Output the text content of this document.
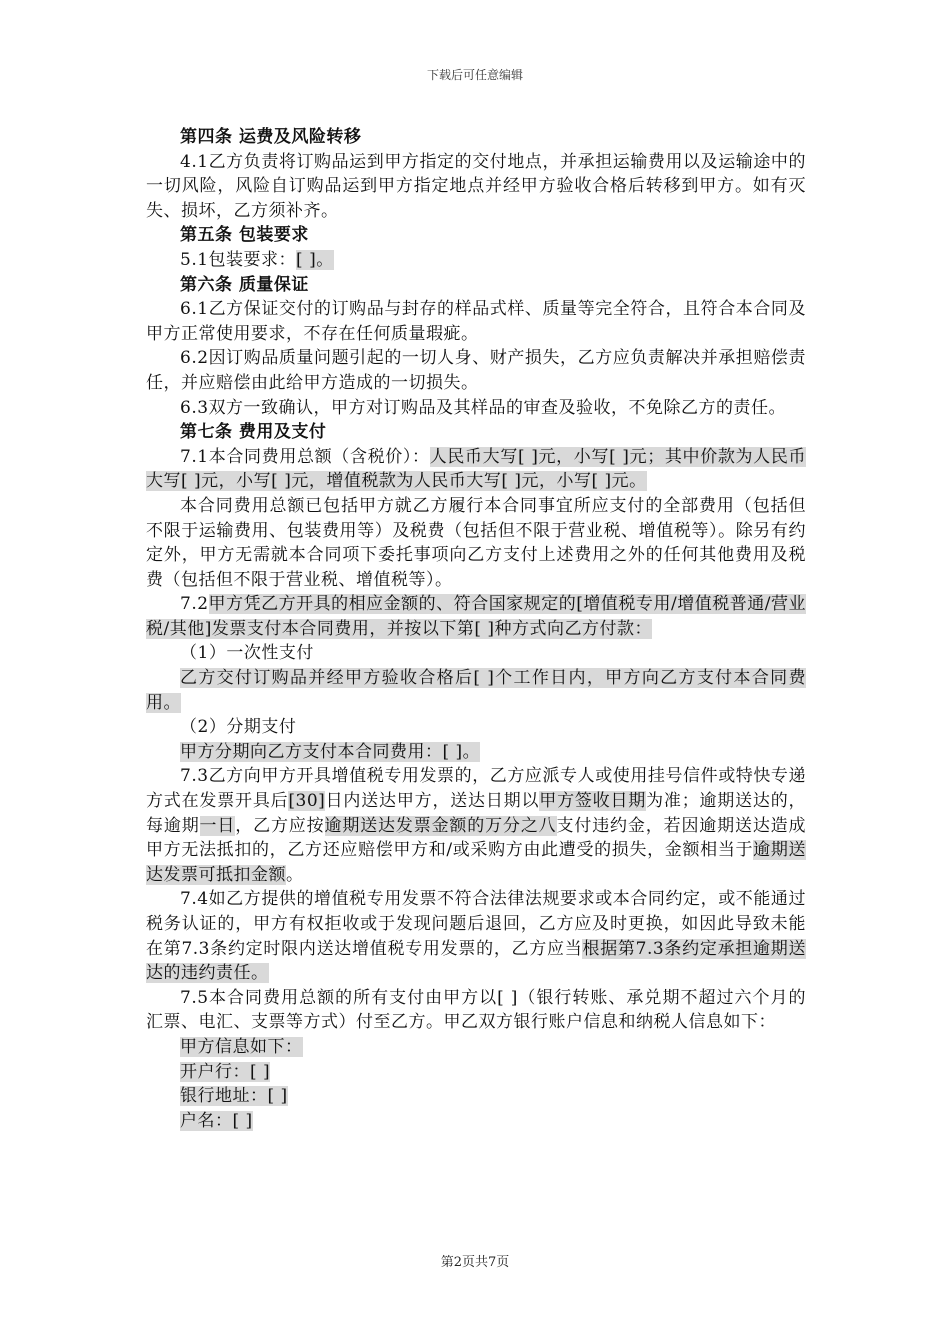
下载后可任意编辑

第四条 运费及风险转移

4.1乙方负责将订购品运到甲方指定的交付地点，并承担运输费用以及运输途中的一切风险，风险自订购品运到甲方指定地点并经甲方验收合格后转移到甲方。如有灭失、损坏，乙方须补齐。

第五条 包装要求

5.1包装要求：[ ]。

第六条 质量保证

6.1乙方保证交付的订购品与封存的样品式样、质量等完全符合，且符合本合同及甲方正常使用要求，不存在任何质量瑕疵。

6.2因订购品质量问题引起的一切人身、财产损失，乙方应负责解决并承担赔偿责任，并应赔偿由此给甲方造成的一切损失。

6.3双方一致确认，甲方对订购品及其样品的审查及验收，不免除乙方的责任。

第七条 费用及支付

7.1本合同费用总额（含税价）：人民币大写[ ]元，小写[ ]元；其中价款为人民币大写[ ]元，小写[ ]元，增值税款为人民币大写[ ]元，小写[ ]元。

本合同费用总额已包括甲方就乙方履行本合同事宜所应支付的全部费用（包括但不限于运输费用、包装费用等）及税费（包括但不限于营业税、增值税等）。除另有约定外，甲方无需就本合同项下委托事项向乙方支付上述费用之外的任何其他费用及税费（包括但不限于营业税、增值税等）。

7.2甲方凭乙方开具的相应金额的、符合国家规定的[增值税专用/增值税普通/营业税/其他]发票支付本合同费用，并按以下第[ ]种方式向乙方付款：

（1）一次性支付

乙方交付订购品并经甲方验收合格后[ ]个工作日内，甲方向乙方支付本合同费用。

（2）分期支付

甲方分期向乙方支付本合同费用：[ ]。

7.3乙方向甲方开具增值税专用发票的，乙方应派专人或使用挂号信件或特快专递方式在发票开具后[30]日内送达甲方，送达日期以甲方签收日期为准；逾期送达的，每逾期一日，乙方应按逾期送达发票金额的万分之八支付违约金，若因逾期送达造成甲方无法抵扣的，乙方还应赔偿甲方和/或采购方由此遭受的损失，金额相当于逾期送达发票可抵扣金额。

7.4如乙方提供的增值税专用发票不符合法律法规要求或本合同约定，或不能通过税务认证的，甲方有权拒收或于发现问题后退回，乙方应及时更换，如因此导致未能在第7.3条约定时限内送达增值税专用发票的，乙方应当根据第7.3条约定承担逾期送达的违约责任。

7.5本合同费用总额的所有支付由甲方以[ ]（银行转账、承兑期不超过六个月的汇票、电汇、支票等方式）付至乙方。甲乙双方银行账户信息和纳税人信息如下：

甲方信息如下：

开户行：[ ]

银行地址：[ ]

户名：[ ]

第2页共7页
